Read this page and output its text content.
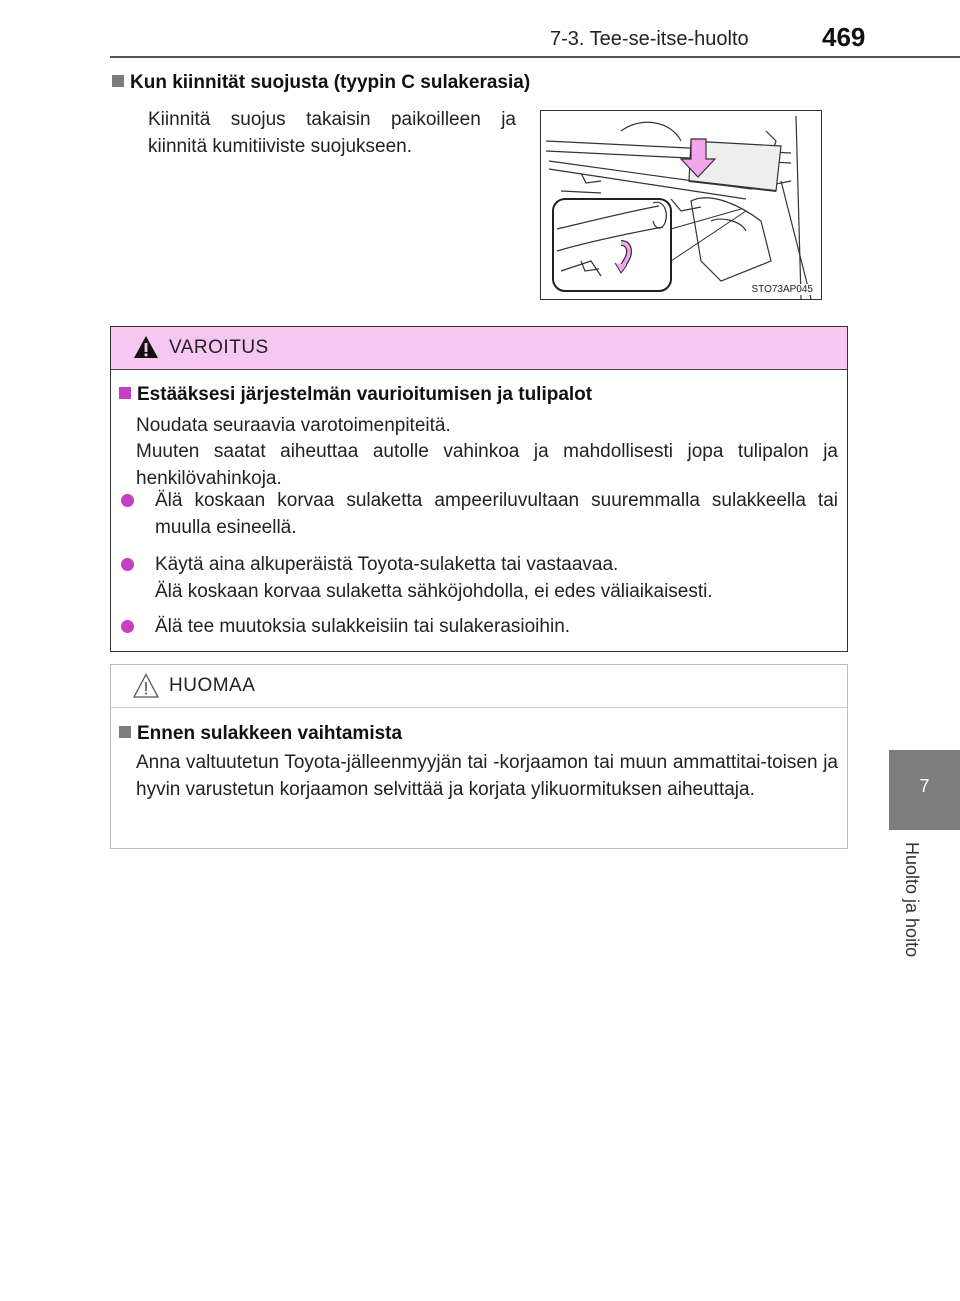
7-3. Tee-se-itse-huolto	469
7
Huolto ja hoito
Kun kiinnität suojusta (tyypin C sulakerasia)
Kiinnitä suojus takaisin paikoilleen ja kiinnitä kumitiiviste suojukseen.
STO73AP045
VAROITUS
Estääksesi järjestelmän vaurioitumisen ja tulipalot
Noudata seuraavia varotoimenpiteitä.
Muuten saatat aiheuttaa autolle vahinkoa ja mahdollisesti jopa tulipalon ja henkilövahinkoja.
Älä koskaan korvaa sulaketta ampeeriluvultaan suuremmalla sulakkeella tai muulla esineellä.
Käytä aina alkuperäistä Toyota-sulaketta tai vastaavaa.
Älä koskaan korvaa sulaketta sähköjohdolla, ei edes väliaikaisesti.
Älä tee muutoksia sulakkeisiin tai sulakerasioihin.
HUOMAA
Ennen sulakkeen vaihtamista
Anna valtuutetun Toyota-jälleenmyyjän tai -korjaamon tai muun ammattitai-toisen ja hyvin varustetun korjaamon selvittää ja korjata ylikuormituksen aiheuttaja.
